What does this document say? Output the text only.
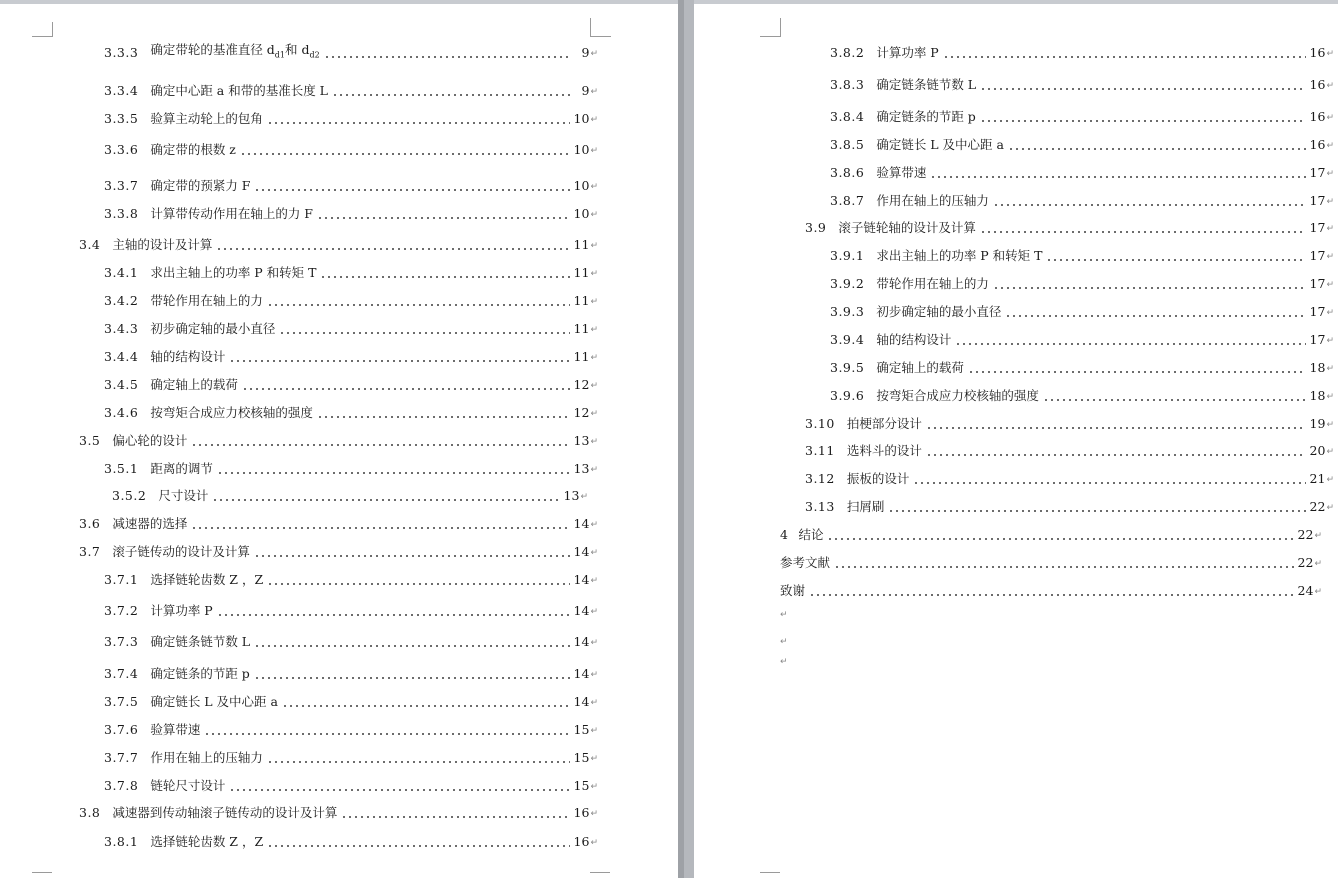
3.3.3 确定带轮的基准直径 $d_{d1}$和 $d_{d2}$	9 ↵
3.3.4 确定中心距 a 和带的基准长度 L	9 ↵
3.3.5 验算主动轮上的包角	10 ↵
3.3.6 确定带的根数 z	10 ↵
3.3.7 确定带的预紧力 F	10 ↵
3.3.8 计算带传动作用在轴上的力 F	10 ↵
3.4 主轴的设计及计算	11 ↵
3.4.1 求出主轴上的功率 P 和转矩 T	11 ↵
3.4.2 带轮作用在轴上的力	11 ↵
3.4.3 初步确定轴的最小直径	11 ↵
3.4.4 轴的结构设计	11 ↵
3.4.5 确定轴上的载荷	12 ↵
3.4.6 按弯矩合成应力校核轴的强度	12 ↵
3.5 偏心轮的设计	13 ↵
3.5.1 距离的调节	13 ↵
3.5.2 尺寸设计	13 ↵
3.6 减速器的选择	14 ↵
3.7 滚子链传动的设计及计算	14 ↵
3.7.1 选择链轮齿数 Z ，Z	14 ↵
3.7.2 计算功率 P	14 ↵
3.7.3 确定链条链节数 L	14 ↵
3.7.4 确定链条的节距 p	14 ↵
3.7.5 确定链长 L 及中心距 a	14 ↵
3.7.6 验算带速	15 ↵
3.7.7 作用在轴上的压轴力	15 ↵
3.7.8 链轮尺寸设计	15 ↵
3.8 减速器到传动轴滚子链传动的设计及计算	16 ↵
3.8.1 选择链轮齿数 Z ，Z	16 ↵
3.8.2 计算功率 P	16 ↵
3.8.3 确定链条链节数 L	16 ↵
3.8.4 确定链条的节距 p	16 ↵
3.8.5 确定链长 L 及中心距 a	16 ↵
3.8.6 验算带速	17 ↵
3.8.7 作用在轴上的压轴力	17 ↵
3.9 滚子链轮轴的设计及计算	17 ↵
3.9.1 求出主轴上的功率 P 和转矩 T	17 ↵
3.9.2 带轮作用在轴上的力	17 ↵
3.9.3 初步确定轴的最小直径	17 ↵
3.9.4 轴的结构设计	17 ↵
3.9.5 确定轴上的载荷	18 ↵
3.9.6 按弯矩合成应力校核轴的强度	18 ↵
3.10 拍梗部分设计	19 ↵
3.11 选料斗的设计	20 ↵
3.12 振板的设计	21 ↵
3.13 扫屑刷	22 ↵
4 结论	22 ↵
参考文献	22 ↵
致谢	24 ↵
↵
↵
↵
